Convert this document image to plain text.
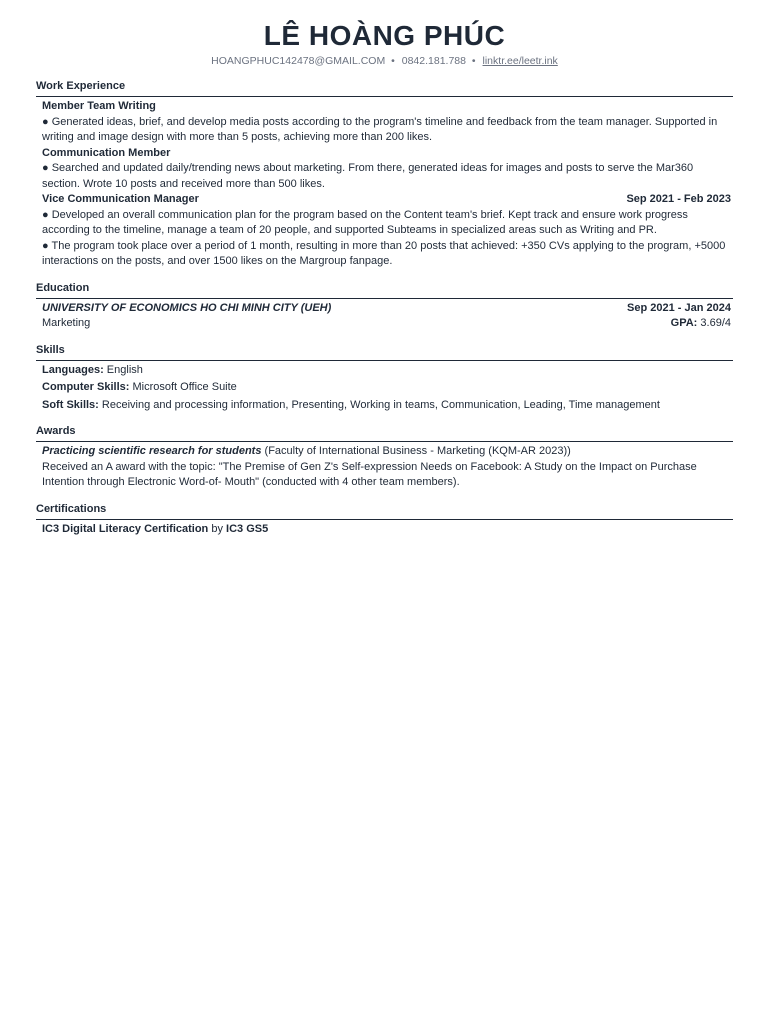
LÊ HOÀNG PHÚC
HOANGPHUC142478@GMAIL.COM • 0842.181.788 • linktr.ee/leetr.ink
Work Experience
Member Team Writing

● Generated ideas, brief, and develop media posts according to the program's timeline and feedback from the team manager. Supported in writing and image design with more than 5 posts, achieving more than 200 likes.

Communication Member

● Searched and updated daily/trending news about marketing. From there, generated ideas for images and posts to serve the Mar360 section. Wrote 10 posts and received more than 500 likes.

Vice Communication Manager	Sep 2021 - Feb 2023

● Developed an overall communication plan for the program based on the Content team's brief. Kept track and ensure work progress according to the timeline, manage a team of 20 people, and supported Subteams in specialized areas such as Writing and PR.

● The program took place over a period of 1 month, resulting in more than 20 posts that achieved: +350 CVs applying to the program, +5000 interactions on the posts, and over 1500 likes on the Margroup fanpage.

Education
UNIVERSITY OF ECONOMICS HO CHI MINH CITY (UEH)	Sep 2021 - Jan 2024
Marketing	GPA: 3.69/4
Skills

Languages: English

Computer Skills: Microsoft Office Suite

Soft Skills: Receiving and processing information, Presenting, Working in teams, Communication, Leading, Time management

Awards

Practicing scientific research for students (Faculty of International Business - Marketing (KQM-AR 2023))

Received an A award with the topic: "The Premise of Gen Z's Self-expression Needs on Facebook: A Study on the Impact on Purchase Intention through Electronic Word-of- Mouth" (conducted with 4 other team members).

Certifications

IC3 Digital Literacy Certification by IC3 GS5
